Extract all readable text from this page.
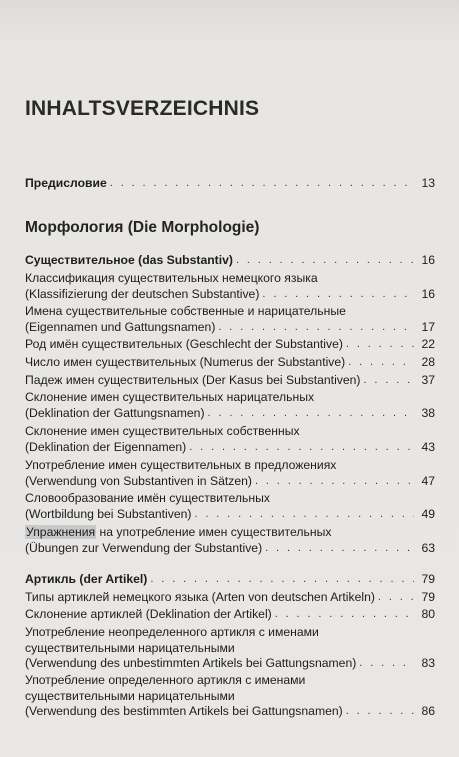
INHALTSVERZEICHNIS
Предисловие . . .	13
Морфология (Die Morphologie)
Существительное (das Substantiv) . . .	16
Классификация существительных немецкого языка
(Klassifizierung der deutschen Substantive) . . .	16
Имена существительные собственные и нарицательные
(Eigennamen und Gattungsnamen) . . .	17
Род имён существительных (Geschlecht der Substantive) . . .	22
Число имен существительных (Numerus der Substantive) . . .	28
Падеж имен существительных (Der Kasus bei Substantiven) . . .	37
Склонение имен существительных нарицательных
(Deklination der Gattungsnamen) . . .	38
Склонение имен существительных собственных
(Deklination der Eigennamen) . . .	43
Употребление имен существительных в предложениях
(Verwendung von Substantiven in Sätzen) . . .	47
Словообразование имён существительных
(Wortbildung bei Substantiven) . . .	49
Упражнения на употребление имен существительных
(Übungen zur Verwendung der Substantive) . . .	63
Артикль (der Artikel) . . .	79
Типы артиклей немецкого языка (Arten von deutschen Artikeln) . . .	79
Склонение артиклей (Deklination der Artikel) . . .	80
Употребление неопределенного артикля с именами
существительными нарицательными
(Verwendung des unbestimmten Artikels bei Gattungsnamen) . . .	83
Употребление определенного артикля с именами
существительными нарицательными
(Verwendung des bestimmten Artikels bei Gattungsnamen) . . .	86
